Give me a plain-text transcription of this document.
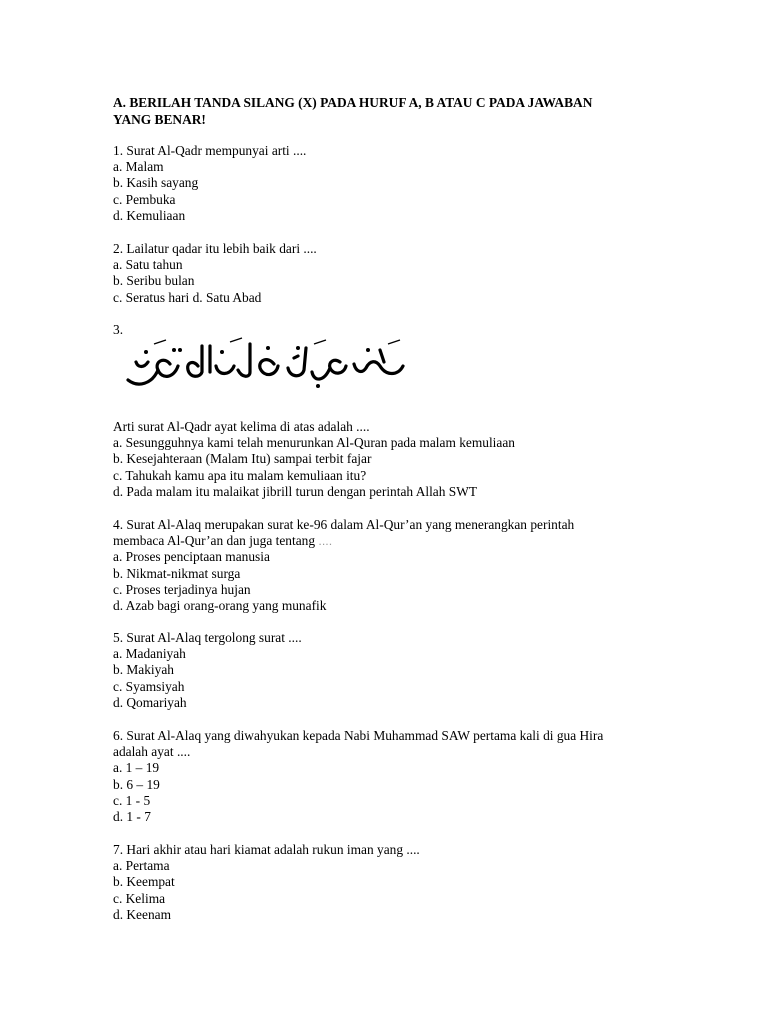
A. BERILAH TANDA SILANG (X) PADA HURUF A, B ATAU C PADA JAWABAN
YANG BENAR!
1. Surat Al-Qadr mempunyai arti ....
a. Malam
b. Kasih sayang
c. Pembuka
d. Kemuliaan
2. Lailatur qadar itu lebih baik dari ....
a. Satu tahun
b. Seribu bulan
c. Seratus hari d. Satu Abad
3.
Arti surat Al-Qadr ayat kelima di atas adalah ....
a. Sesungguhnya kami telah menurunkan Al-Quran pada malam kemuliaan
b. Kesejahteraan (Malam Itu) sampai terbit fajar
c. Tahukah kamu apa itu malam kemuliaan itu?
d. Pada malam itu malaikat jibrill turun dengan perintah Allah SWT
4. Surat Al-Alaq merupakan surat ke-96 dalam Al-Qur’an yang menerangkan perintah
membaca Al-Qur’an dan juga tentang ....
a. Proses penciptaan manusia
b. Nikmat-nikmat surga
c. Proses terjadinya hujan
d. Azab bagi orang-orang yang munafik
5. Surat Al-Alaq tergolong surat ....
a. Madaniyah
b. Makiyah
c. Syamsiyah
d. Qomariyah
6. Surat Al-Alaq yang diwahyukan kepada Nabi Muhammad SAW pertama kali di gua Hira
adalah ayat ....
a. 1 – 19
b. 6 – 19
c. 1 - 5
d. 1 - 7
7. Hari akhir atau hari kiamat adalah rukun iman yang ....
a. Pertama
b. Keempat
c. Kelima
d. Keenam
